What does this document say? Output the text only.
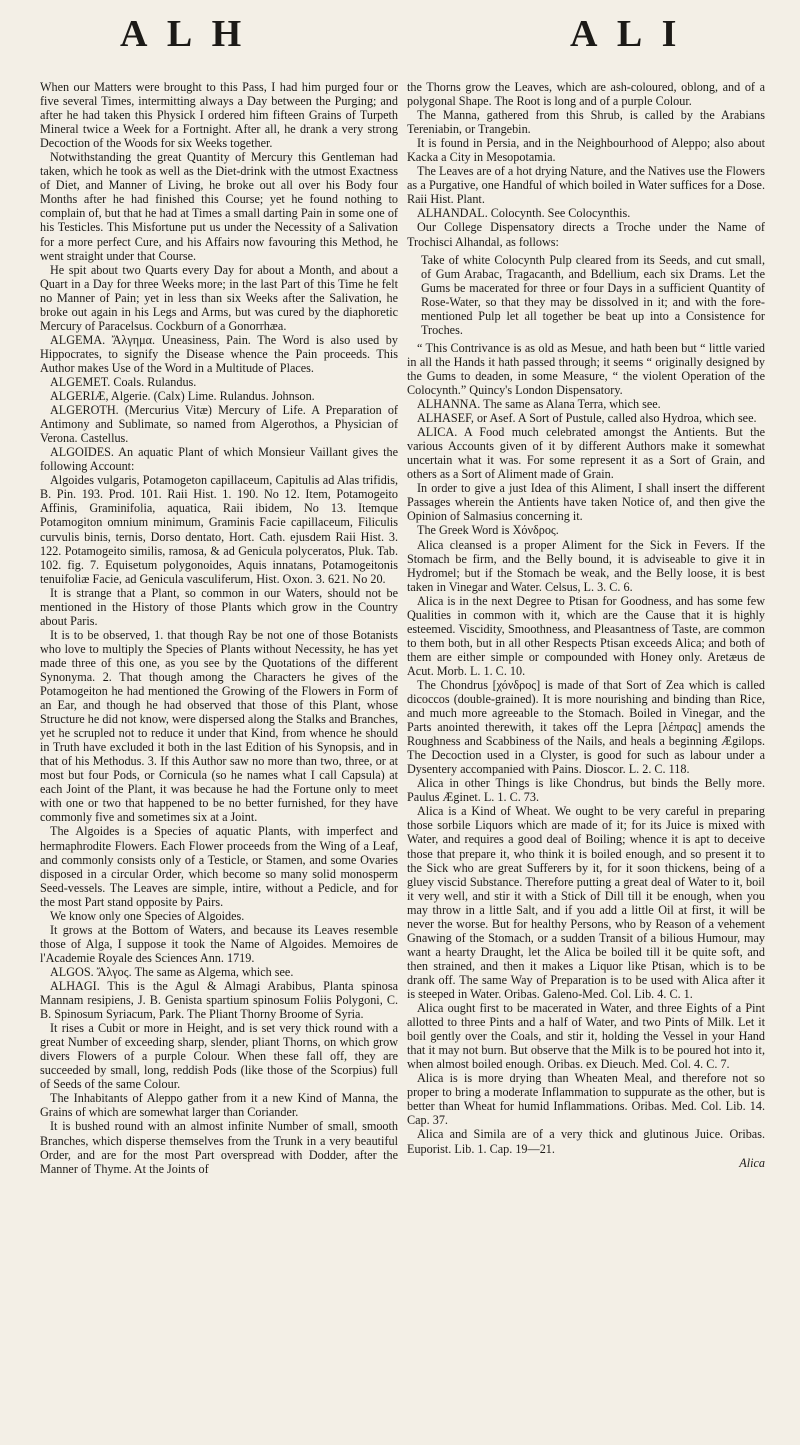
A L H	A L I

When our Matters were brought to this Pass, I had him purged four or five several Times, intermitting always a Day between the Purging; and after he had taken this Physick I ordered him fifteen Grains of Turpeth Mineral twice a Week for a Fortnight. After all, he drank a very strong Decoction of the Woods for six Weeks together.

Notwithstanding the great Quantity of Mercury this Gentleman had taken, which he took as well as the Diet-drink with the utmost Exactness of Diet, and Manner of Living, he broke out all over his Body four Months after he had finished this Course; yet he found nothing to complain of, but that he had at Times a small darting Pain in some one of his Testicles. This Misfortune put us under the Necessity of a Salivation for a more perfect Cure, and his Affairs now favouring this Method, he went straight under that Course.

He spit about two Quarts every Day for about a Month, and about a Quart in a Day for three Weeks more; in the last Part of this Time he felt no Manner of Pain; yet in less than six Weeks after the Salivation, he broke out again in his Legs and Arms, but was cured by the diaphoretic Mercury of Paracelsus. Cockburn of a Gonorrhæa.

ALGEMA. Ἄλγημα. Uneasiness, Pain. The Word is also used by Hippocrates, to signify the Disease whence the Pain proceeds. This Author makes Use of the Word in a Multitude of Places.

ALGEMET. Coals. Rulandus.

ALGERIÆ, Algerie. (Calx) Lime. Rulandus. Johnson.

ALGEROTH. (Mercurius Vitæ) Mercury of Life. A Preparation of Antimony and Sublimate, so named from Algerothos, a Physician of Verona. Castellus.

ALGOIDES. An aquatic Plant of which Monsieur Vaillant gives the following Account:

Algoides vulgaris, Potamogeton capillaceum, Capitulis ad Alas trifidis, B. Pin. 193. Prod. 101. Raii Hist. 1. 190. No 12. Item, Potamogeito Affinis, Graminifolia, aquatica, Raii ibidem, No 13. Itemque Potamogiton omnium minimum, Graminis Facie capillaceum, Filiculis curvulis binis, ternis, Dorso dentato, Hort. Cath. ejusdem Raii Hist. 3. 122. Potamogeito similis, ramosa, & ad Genicula polyceratos, Pluk. Tab. 102. fig. 7. Equisetum polygonoides, Aquis innatans, Potamogeitonis tenuifoliæ Facie, ad Genicula vasculiferum, Hist. Oxon. 3. 621. No 20.

It is strange that a Plant, so common in our Waters, should not be mentioned in the History of those Plants which grow in the Country about Paris.

It is to be observed, 1. that though Ray be not one of those Botanists who love to multiply the Species of Plants without Necessity, he has yet made three of this one, as you see by the Quotations of the different Synonyma. 2. That though among the Characters he gives of the Potamogeiton he had mentioned the Growing of the Flowers in Form of an Ear, and though he had observed that those of this Plant, whose Structure he did not know, were dispersed along the Stalks and Branches, yet he scrupled not to reduce it under that Kind, from whence he should in Truth have excluded it both in the last Edition of his Synopsis, and in that of his Methodus. 3. If this Author saw no more than two, three, or at most but four Pods, or Cornicula (so he names what I call Capsula) at each Joint of the Plant, it was because he had the Fortune only to meet with one or two that happened to be no better furnished, for they have commonly five and sometimes six at a Joint.

The Algoides is a Species of aquatic Plants, with imperfect and hermaphrodite Flowers. Each Flower proceeds from the Wing of a Leaf, and commonly consists only of a Testicle, or Stamen, and some Ovaries disposed in a circular Order, which become so many solid monosperm Seed-vessels. The Leaves are simple, intire, without a Pedicle, and for the most Part stand opposite by Pairs.

We know only one Species of Algoides.

It grows at the Bottom of Waters, and because its Leaves resemble those of Alga, I suppose it took the Name of Algoides. Memoires de l'Academie Royale des Sciences Ann. 1719.

ALGOS. Ἄλγος. The same as Algema, which see.

ALHAGI. This is the Agul & Almagi Arabibus, Planta spinosa Mannam resipiens, J. B. Genista spartium spinosum Foliis Polygoni, C. B. Spinosum Syriacum, Park. The Pliant Thorny Broome of Syria.

It rises a Cubit or more in Height, and is set very thick round with a great Number of exceeding sharp, slender, pliant Thorns, on which grow divers Flowers of a purple Colour. When these fall off, they are succeeded by small, long, reddish Pods (like those of the Scorpius) full of Seeds of the same Colour.

The Inhabitants of Aleppo gather from it a new Kind of Manna, the Grains of which are somewhat larger than Coriander.

It is bushed round with an almost infinite Number of small, smooth Branches, which disperse themselves from the Trunk in a very beautiful Order, and are for the most Part overspread with Dodder, after the Manner of Thyme. At the Joints of

the Thorns grow the Leaves, which are ash-coloured, oblong, and of a polygonal Shape. The Root is long and of a purple Colour.

The Manna, gathered from this Shrub, is called by the Arabians Tereniabin, or Trangebin.

It is found in Persia, and in the Neighbourhood of Aleppo; also about Kacka a City in Mesopotamia.

The Leaves are of a hot drying Nature, and the Natives use the Flowers as a Purgative, one Handful of which boiled in Water suffices for a Dose. Raii Hist. Plant.

ALHANDAL. Colocynth. See Colocynthis.

Our College Dispensatory directs a Troche under the Name of Trochisci Alhandal, as follows:

Take of white Colocynth Pulp cleared from its Seeds, and cut small, of Gum Arabac, Tragacanth, and Bdellium, each six Drams. Let the Gums be macerated for three or four Days in a sufficient Quantity of Rose-Water, so that they may be dissolved in it; and with the fore-mentioned Pulp let all together be beat up into a Consistence for Troches.

“ This Contrivance is as old as Mesue, and hath been but “ little varied in all the Hands it hath passed through; it seems “ originally designed by the Gums to deaden, in some Measure, “ the violent Operation of the Colocynth.” Quincy's London Dispensatory.

ALHANNA. The same as Alana Terra, which see.

ALHASEF, or Asef. A Sort of Pustule, called also Hydroa, which see.

ALICA. A Food much celebrated amongst the Antients. But the various Accounts given of it by different Authors make it somewhat uncertain what it was. For some represent it as a Sort of Grain, and others as a Sort of Aliment made of Grain.

In order to give a just Idea of this Aliment, I shall insert the different Passages wherein the Antients have taken Notice of, and then give the Opinion of Salmasius concerning it.

The Greek Word is Χόνδρος.

Alica cleansed is a proper Aliment for the Sick in Fevers. If the Stomach be firm, and the Belly bound, it is adviseable to give it in Hydromel; but if the Stomach be weak, and the Belly loose, it is best taken in Vinegar and Water. Celsus, L. 3. C. 6.

Alica is in the next Degree to Ptisan for Goodness, and has some few Qualities in common with it, which are the Cause that it is highly esteemed. Viscidity, Smoothness, and Pleasantness of Taste, are common to them both, but in all other Respects Ptisan exceeds Alica; and both of them are either simple or compounded with Honey only. Aretæus de Acut. Morb. L. 1. C. 10.

The Chondrus [χόνδρος] is made of that Sort of Zea which is called dicoccos (double-grained). It is more nourishing and binding than Rice, and much more agreeable to the Stomach. Boiled in Vinegar, and the Parts anointed therewith, it takes off the Lepra [λέπρας] amends the Roughness and Scabbiness of the Nails, and heals a beginning Ægilops. The Decoction used in a Clyster, is good for such as labour under a Dysentery accompanied with Pains. Dioscor. L. 2. C. 118.

Alica in other Things is like Chondrus, but binds the Belly more. Paulus Æginet. L. 1. C. 73.

Alica is a Kind of Wheat. We ought to be very careful in preparing those sorbile Liquors which are made of it; for its Juice is mixed with Water, and requires a good deal of Boiling; whence it is apt to deceive those that prepare it, who think it is boiled enough, and so present it to the Sick who are great Sufferers by it, for it soon thickens, being of a gluey viscid Substance. Therefore putting a great deal of Water to it, boil it very well, and stir it with a Stick of Dill till it be enough, when you may throw in a little Salt, and if you add a little Oil at first, it will be never the worse. But for healthy Persons, who by Reason of a vehement Gnawing of the Stomach, or a sudden Transit of a bilious Humour, may want a hearty Draught, let the Alica be boiled till it be quite soft, and then strained, and then it makes a Liquor like Ptisan, which is to be drank off. The same Way of Preparation is to be used with Alica after it is steeped in Water. Oribas. Galeno-Med. Col. Lib. 4. C. 1.

Alica ought first to be macerated in Water, and three Eights of a Pint allotted to three Pints and a half of Water, and two Pints of Milk. Let it boil gently over the Coals, and stir it, holding the Vessel in your Hand that it may not burn. But observe that the Milk is to be poured hot into it, when almost boiled enough. Oribas. ex Dieuch. Med. Col. 4. C. 7.

Alica is is more drying than Wheaten Meal, and therefore not so proper to bring a moderate Inflammation to suppurate as the other, but is better than Wheat for humid Inflammations. Oribas. Med. Col. Lib. 14. Cap. 37.

Alica and Simila are of a very thick and glutinous Juice. Oribas. Euporist. Lib. 1. Cap. 19—21.

Alica
